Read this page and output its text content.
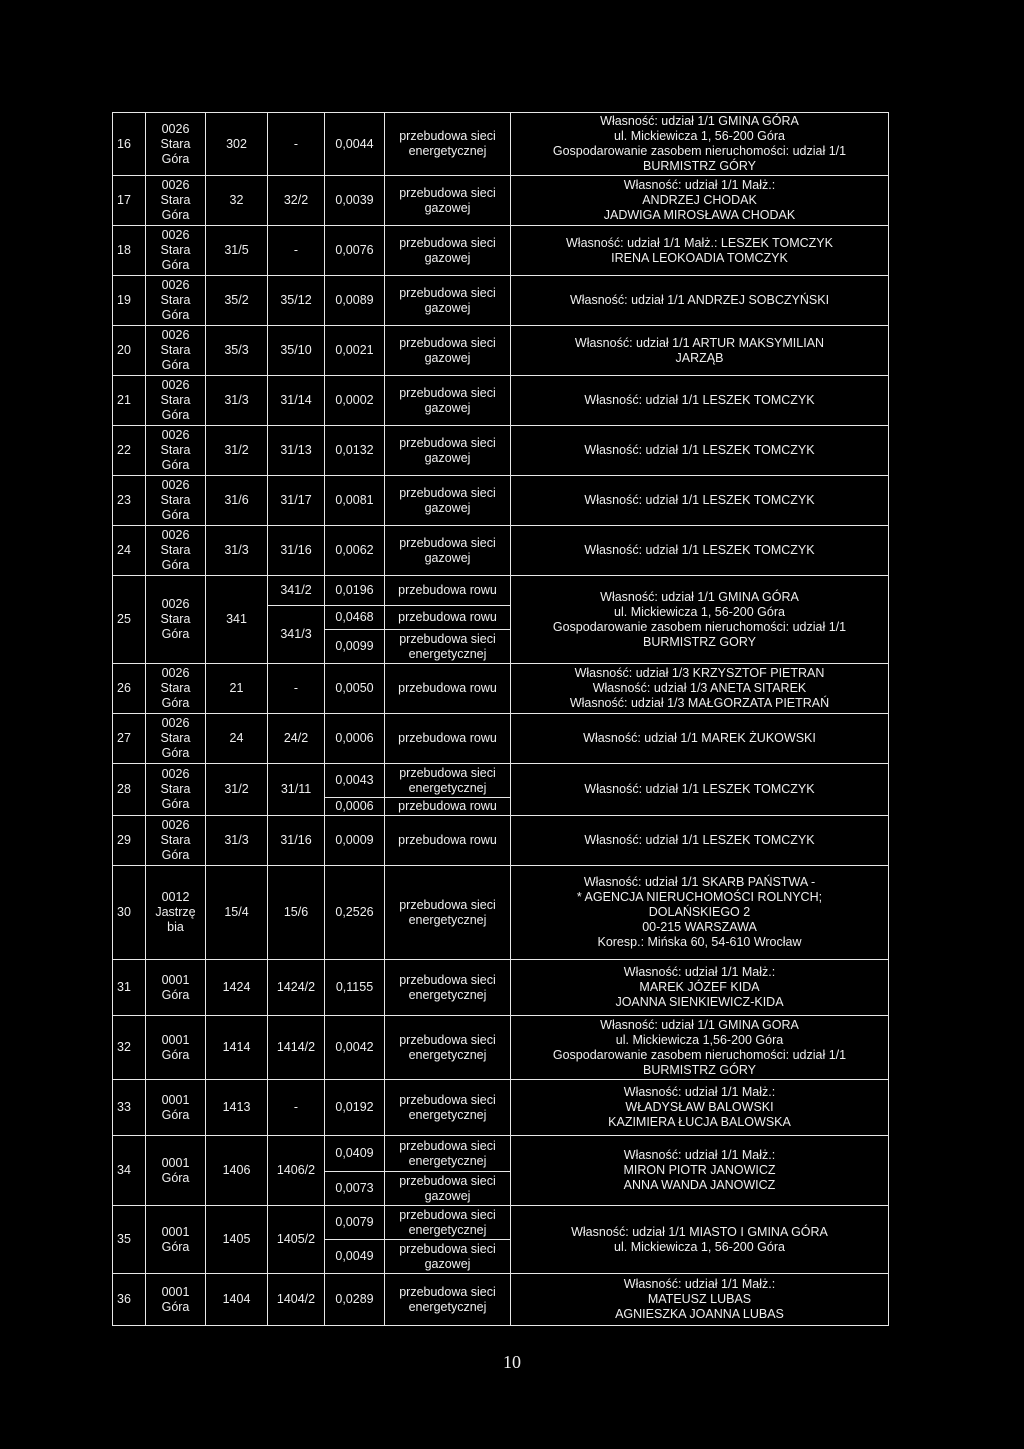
16	0026
Stara
Góra	302	-	0,0044	przebudowa sieci
energetycznej	Własność: udział 1/1 GMINA GÓRA
ul. Mickiewicza 1, 56-200 Góra
Gospodarowanie zasobem nieruchomości: udział 1/1
BURMISTRZ GÓRY

17	0026
Stara
Góra	32	32/2	0,0039	przebudowa sieci
gazowej	Własność: udział 1/1 Małż.:
ANDRZEJ CHODAK
JADWIGA MIROSŁAWA CHODAK

18	0026
Stara
Góra	31/5	-	0,0076	przebudowa sieci
gazowej	Własność: udział 1/1 Małż.: LESZEK TOMCZYK
IRENA LEOKOADIA TOMCZYK

19	0026
Stara
Góra	35/2	35/12	0,0089	przebudowa sieci
gazowej	Własność: udział 1/1 ANDRZEJ SOBCZYŃSKI

20	0026
Stara
Góra	35/3	35/10	0,0021	przebudowa sieci
gazowej	Własność: udział 1/1 ARTUR MAKSYMILIAN
JARZĄB

21	0026
Stara
Góra	31/3	31/14	0,0002	przebudowa sieci
gazowej	Własność: udział 1/1 LESZEK TOMCZYK

22	0026
Stara
Góra	31/2	31/13	0,0132	przebudowa sieci
gazowej	Własność: udział 1/1 LESZEK TOMCZYK

23	0026
Stara
Góra	31/6	31/17	0,0081	przebudowa sieci
gazowej	Własność: udział 1/1 LESZEK TOMCZYK

24	0026
Stara
Góra	31/3	31/16	0,0062	przebudowa sieci
gazowej	Własność: udział 1/1 LESZEK TOMCZYK

25	0026
Stara
Góra	341	341/2	0,0196	przebudowa rowu	Własność: udział 1/1 GMINA GÓRA
ul. Mickiewicza 1, 56-200 Góra
Gospodarowanie zasobem nieruchomości: udział 1/1
BURMISTRZ GORY

			341/3	0,0468	przebudowa rowu	

				0,0099	przebudowa sieci
energetycznej	

26	0026
Stara
Góra	21	-	0,0050	przebudowa rowu	Własność: udział 1/3 KRZYSZTOF PIETRAN
Własność: udział 1/3 ANETA SITAREK
Własność: udział 1/3 MAŁGORZATA PIETRAŃ

27	0026
Stara
Góra	24	24/2	0,0006	przebudowa rowu	Własność: udział 1/1 MAREK ŻUKOWSKI

28	0026
Stara
Góra	31/2	31/11	0,0043	przebudowa sieci
energetycznej	Własność: udział 1/1 LESZEK TOMCZYK

				0,0006	przebudowa rowu	

29	0026
Stara
Góra	31/3	31/16	0,0009	przebudowa rowu	Własność: udział 1/1 LESZEK TOMCZYK

30	0012
Jastrzę
bia	15/4	15/6	0,2526	przebudowa sieci
energetycznej	Własność: udział 1/1 SKARB PAŃSTWA -
* AGENCJA NIERUCHOMOŚCI ROLNYCH;
DOLAŃSKIEGO 2
00-215 WARSZAWA
Koresp.: Mińska 60, 54-610 Wrocław

31	0001
Góra	1424	1424/2	0,1155	przebudowa sieci
energetycznej	Własność: udział 1/1 Małż.:
MAREK JÓZEF KIDA
JOANNA SIENKIEWICZ-KIDA

32	0001
Góra	1414	1414/2	0,0042	przebudowa sieci
energetycznej	Własność: udział 1/1 GMINA GORA
ul. Mickiewicza 1,56-200 Góra
Gospodarowanie zasobem nieruchomości: udział 1/1
BURMISTRZ GÓRY

33	0001
Góra	1413	-	0,0192	przebudowa sieci
energetycznej	Własność: udział 1/1 Małż.:
WŁADYSŁAW BALOWSKI
KAZIMIERA ŁUCJA BALOWSKA

34	0001
Góra	1406	1406/2	0,0409	przebudowa sieci
energetycznej	Własność: udział 1/1 Małż.:
MIRON PIOTR JANOWICZ
ANNA WANDA JANOWICZ

				0,0073	przebudowa sieci
gazowej	

35	0001
Góra	1405	1405/2	0,0079	przebudowa sieci
energetycznej	Własność: udział 1/1 MIASTO I GMINA GÓRA
ul. Mickiewicza 1, 56-200 Góra

				0,0049	przebudowa sieci
gazowej	

36	0001
Góra	1404	1404/2	0,0289	przebudowa sieci
energetycznej	Własność: udział 1/1 Małż.:
MATEUSZ LUBAS
AGNIESZKA JOANNA LUBAS
10
